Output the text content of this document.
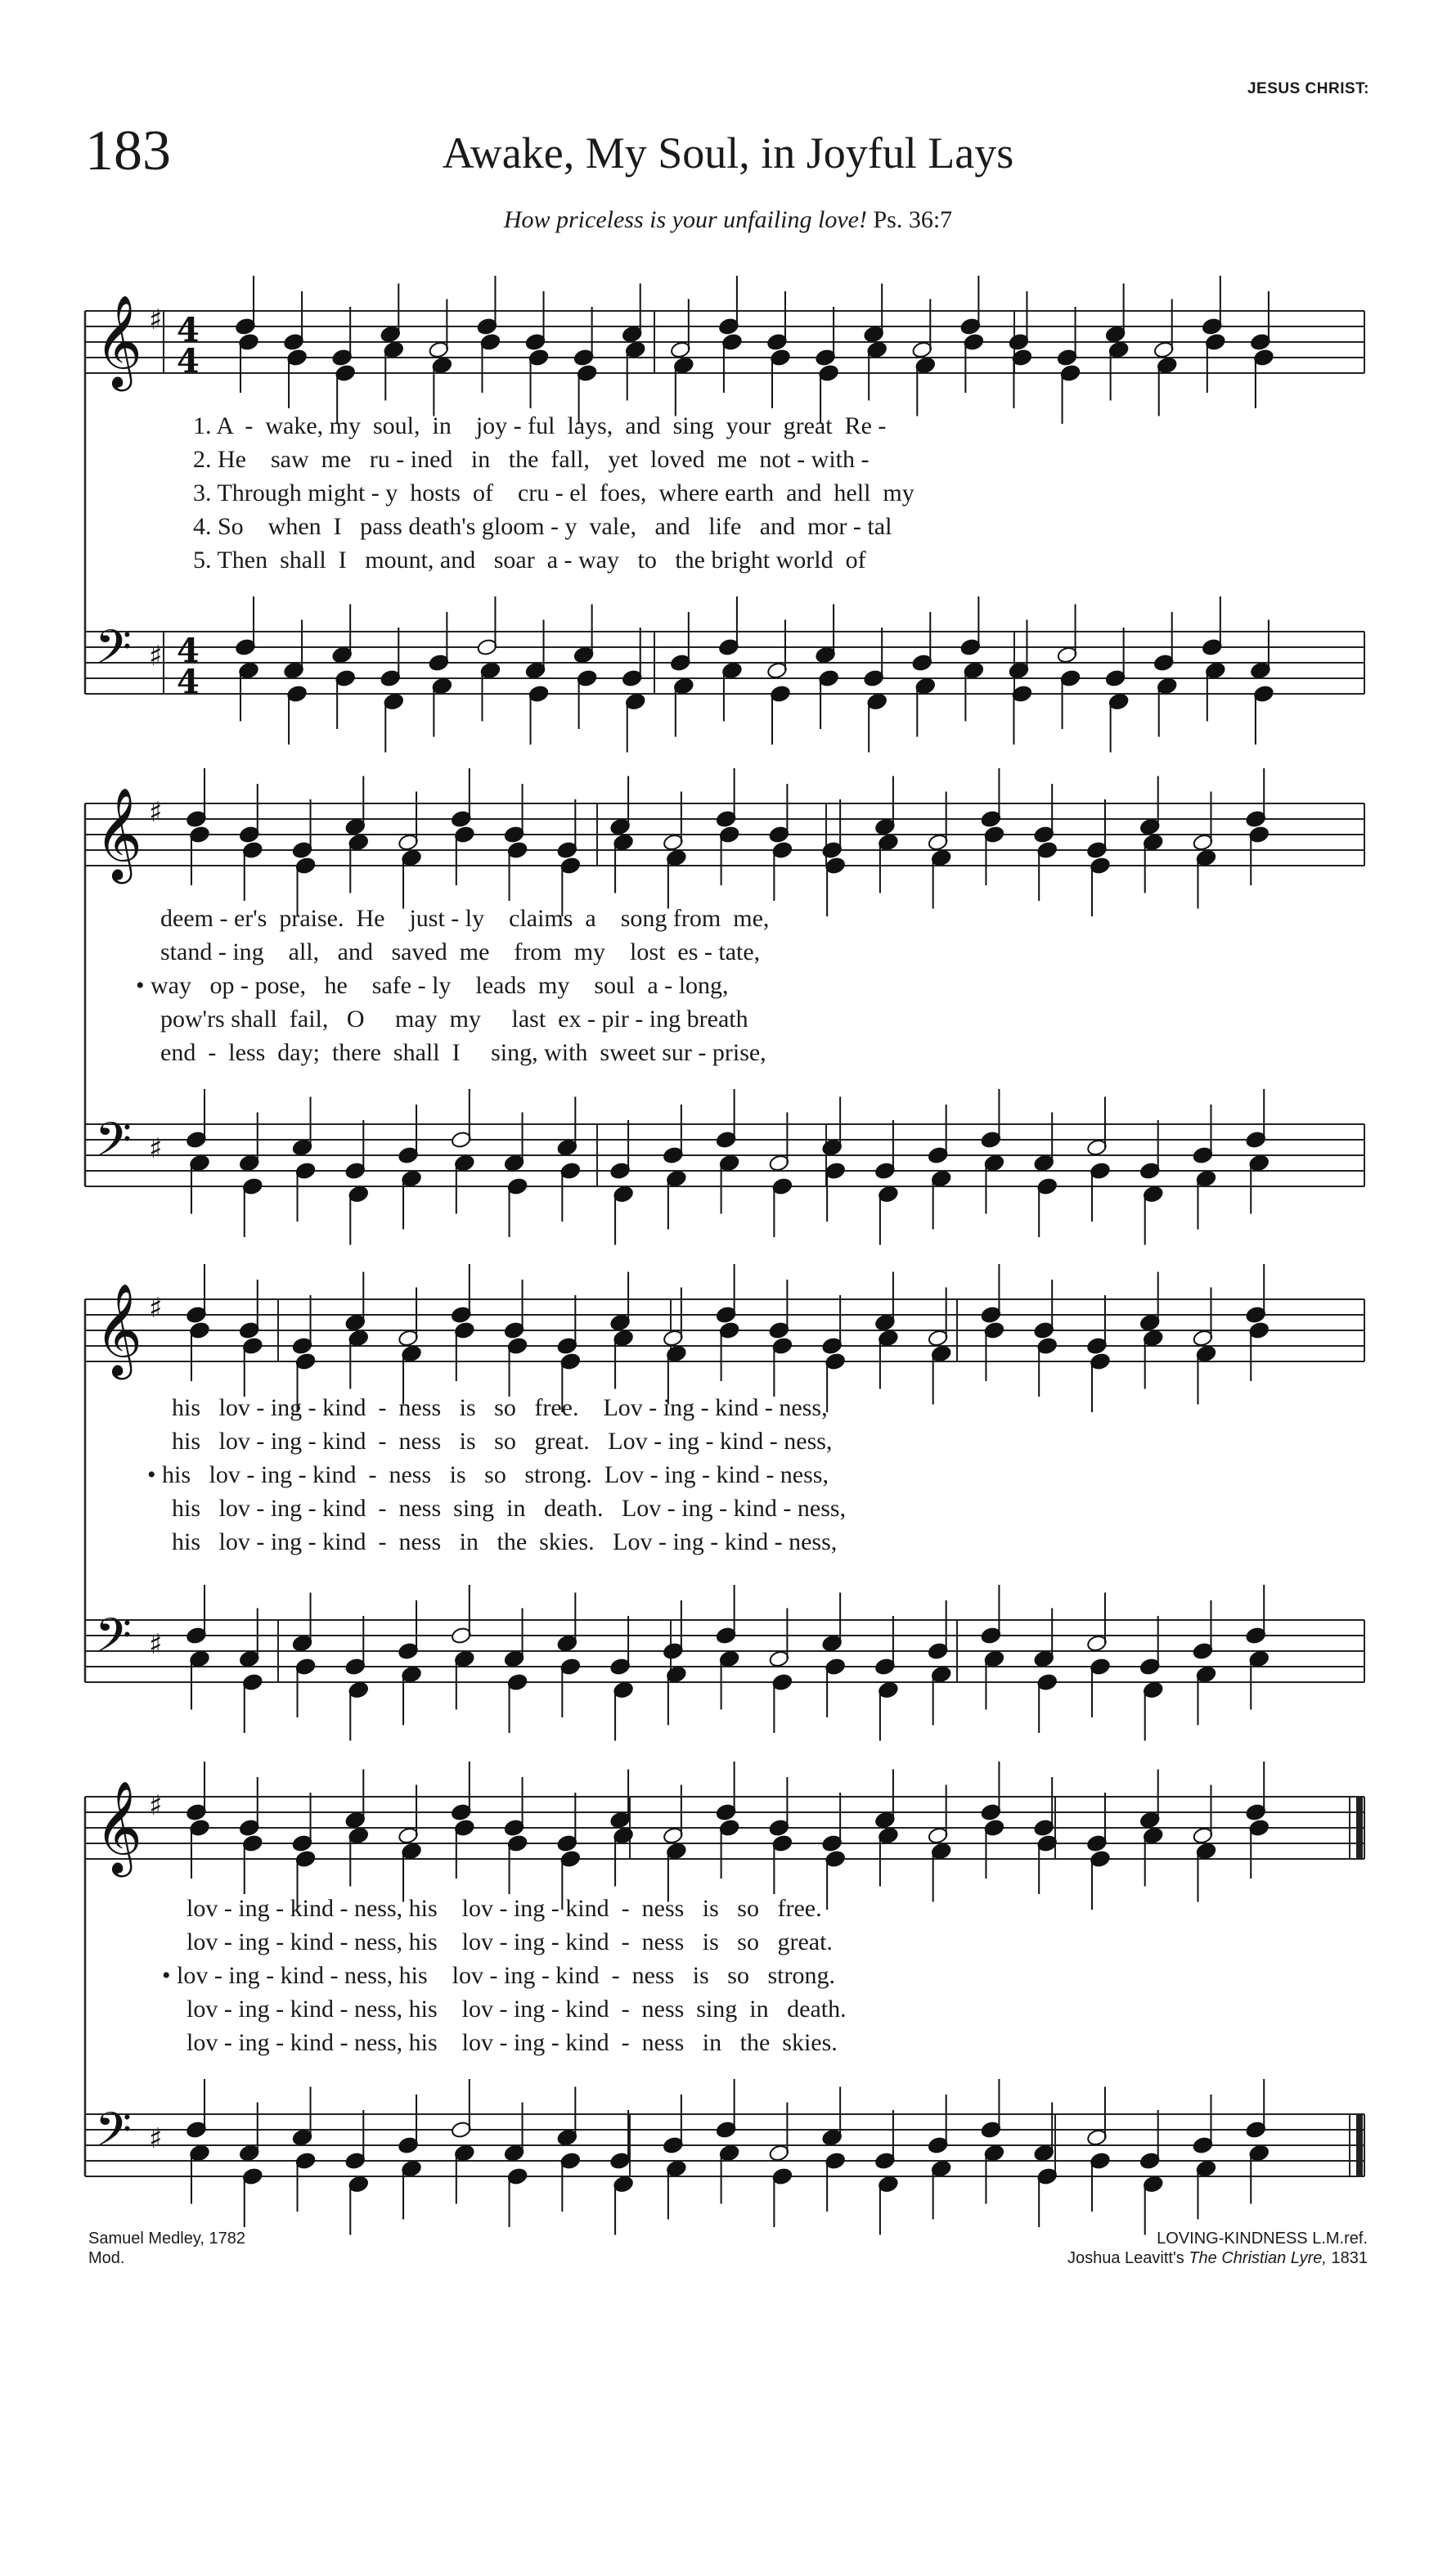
JESUS CHRIST:
183	Awake, My Soul, in Joyful Lays
How priceless is your unfailing love! Ps. 36:7
𝄞
𝄢
♯
♯
4
4
4
4
𝄞
𝄢
♯
♯
𝄞
𝄢
♯
♯
𝄞
𝄢
♯
♯
1. A  -  wake, my  soul,  in    joy - ful  lays,  and  sing  your  great  Re -
2. He    saw  me   ru - ined   in   the  fall,   yet  loved  me  not - with -
3. Through might - y  hosts  of    cru - el  foes,  where earth  and  hell  my
4. So    when  I   pass death's gloom - y  vale,   and   life   and  mor - tal
5. Then  shall  I   mount, and   soar  a - way   to   the bright world  of
deem - er's  praise.  He    just - ly    claims  a    song from  me,
stand - ing    all,   and   saved  me    from  my    lost  es - tate,
• way   op - pose,   he    safe - ly    leads  my    soul  a - long,
pow'rs shall  fail,   O     may  my     last  ex - pir - ing breath
end  -  less  day;  there  shall  I     sing, with  sweet sur - prise,
his   lov - ing - kind  -  ness   is   so   free.    Lov - ing - kind - ness,
his   lov - ing - kind  -  ness   is   so   great.   Lov - ing - kind - ness,
• his   lov - ing - kind  -  ness   is   so   strong.  Lov - ing - kind - ness,
his   lov - ing - kind  -  ness  sing  in   death.   Lov - ing - kind - ness,
his   lov - ing - kind  -  ness   in   the  skies.   Lov - ing - kind - ness,
lov - ing - kind - ness, his    lov - ing - kind  -  ness   is   so   free.
lov - ing - kind - ness, his    lov - ing - kind  -  ness   is   so   great.
• lov - ing - kind - ness, his    lov - ing - kind  -  ness   is   so   strong.
lov - ing - kind - ness, his    lov - ing - kind  -  ness  sing  in   death.
lov - ing - kind - ness, his    lov - ing - kind  -  ness   in   the  skies.
Samuel Medley, 1782
Mod.
LOVING-KINDNESS L.M.ref.
Joshua Leavitt's The Christian Lyre, 1831
